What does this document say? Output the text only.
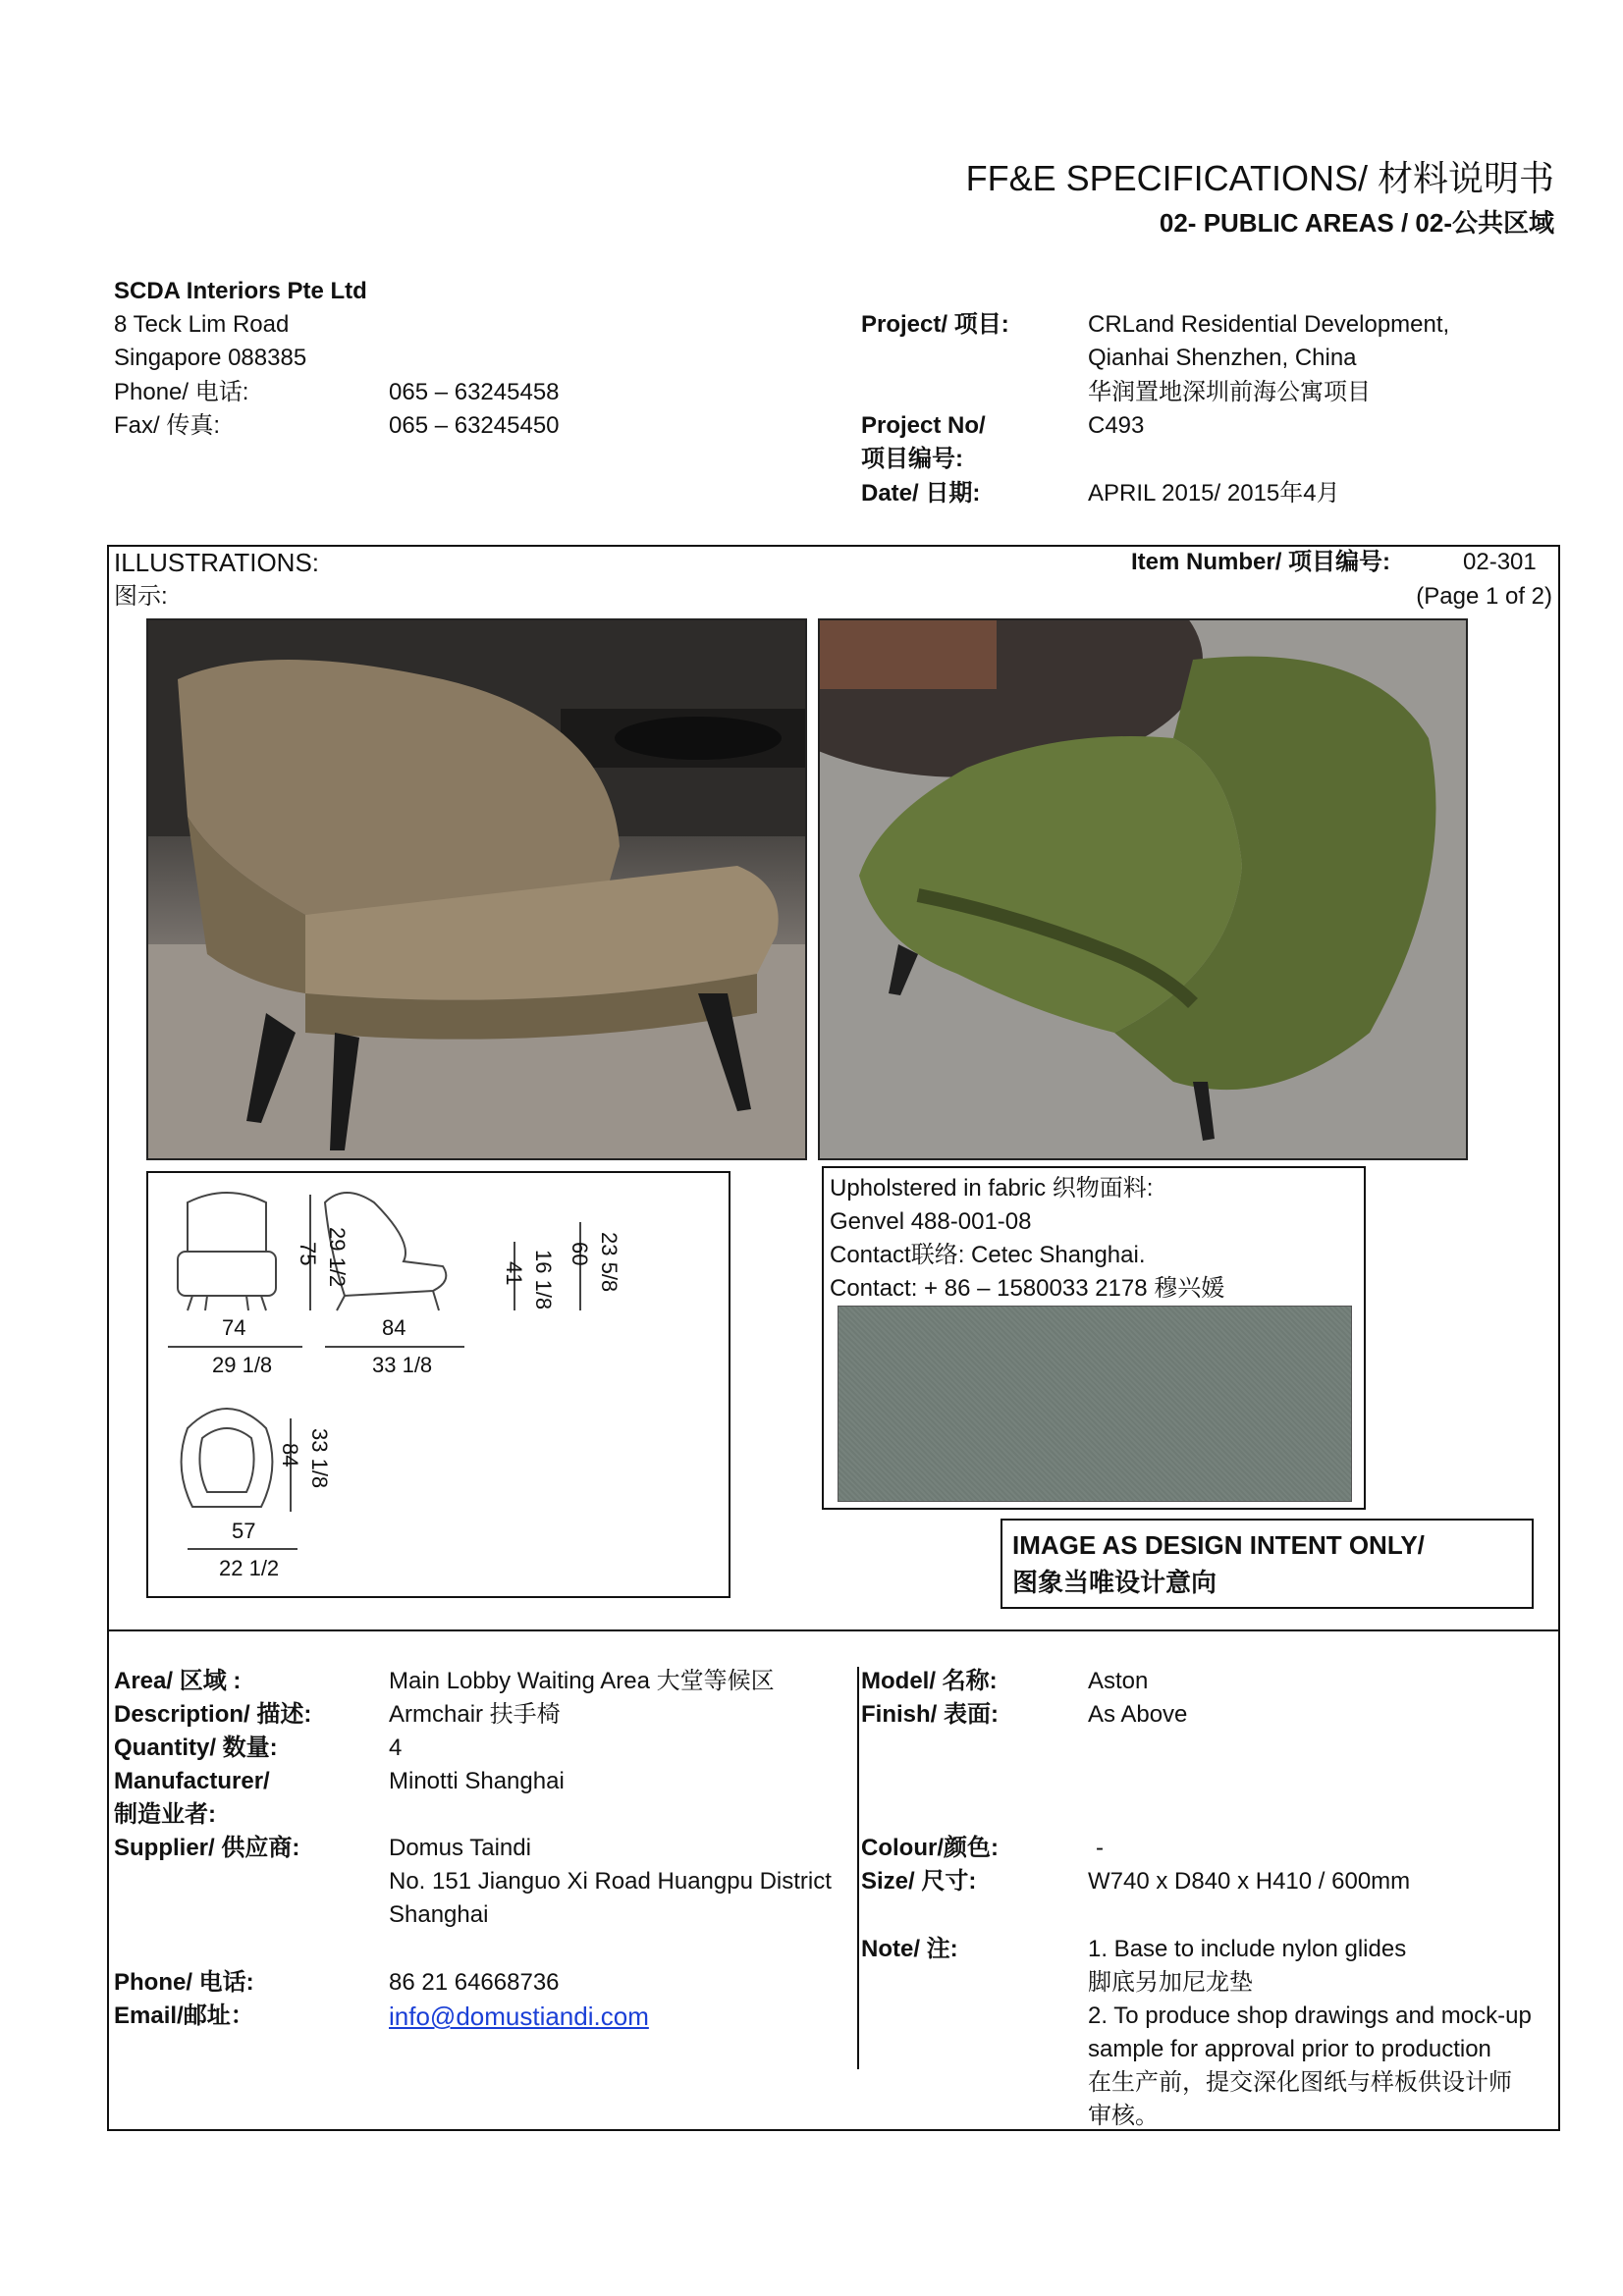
FF&E SPECIFICATIONS/ 材料说明书
02- PUBLIC AREAS / 02-公共区域
SCDA Interiors Pte Ltd
8 Teck Lim Road
Singapore 088385
Phone/ 电话:	065 – 63245458
Fax/ 传真:	065 – 63245450
Project/ 项目:	CRLand Residential Development,
Qianhai Shenzhen, China
华润置地深圳前海公寓项目
Project No/
项目编号:
C493
Date/ 日期:	APRIL 2015/ 2015年4月
ILLUSTRATIONS:
图示:
Item Number/ 项目编号:	02-301
(Page 1 of 2)
75 29 1/2	41 16 1/8 60 23 5/8
74
29 1/8
84
33 1/8
84 33 1/8
57
22 1/2
Upholstered in fabric 织物面料:
Genvel 488-001-08
Contact联络: Cetec Shanghai.
Contact: + 86 – 1580033 2178 穆兴媛
IMAGE AS DESIGN INTENT ONLY/
图象当唯设计意向
Area/ 区域 :	Main Lobby Waiting Area 大堂等候区
Description/ 描述:	Armchair 扶手椅
Quantity/ 数量:	4
Manufacturer/
制造业者:
Minotti Shanghai
Supplier/ 供应商:	Domus Taindi
No. 151 Jianguo Xi Road Huangpu District
Shanghai
Phone/ 电话:	86 21 64668736
Email/邮址：	info@domustiandi.com
Model/ 名称:	Aston
Finish/ 表面:	As Above
Colour/颜色:	-
Size/ 尺寸:	W740 x D840 x H410 / 600mm
Note/ 注:	1. Base to include nylon glides
脚底另加尼龙垫
2. To produce shop drawings and mock-up
sample for approval prior to production
在生产前，提交深化图纸与样板供设计师
审核。
